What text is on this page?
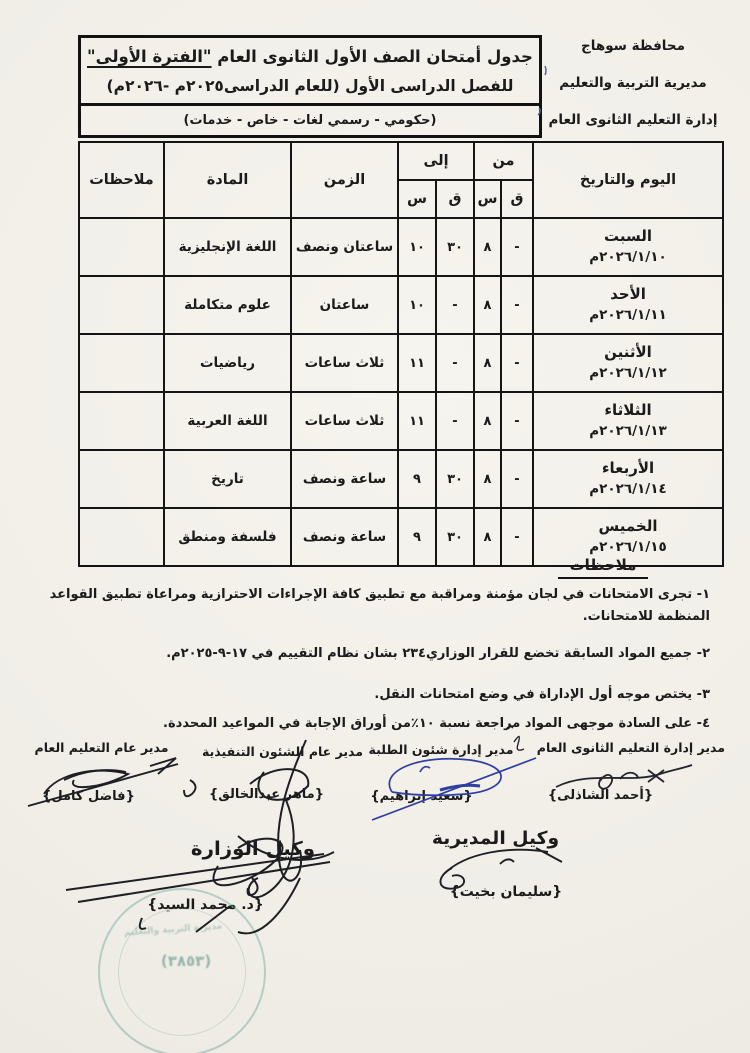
محافظة سوهاج
مديرية التربية والتعليم
إدارة التعليم الثانوى العام
جدول أمتحان الصف الأول الثانوى العام "الفترة الأولى"
للفصل الدراسى الأول (للعام الدراسى٢٠٢٥م -٢٠٢٦م)
(حكومي - رسمي لغات - خاص - خدمات)
اليوم والتاريخ	من		إلى		الزمن	المادة	ملاحظات
	ق	س	ق	س			

السبت
٢٠٢٦/١/١٠م	-	٨	٣٠	١٠	ساعتان ونصف	اللغة الإنجليزية	

الأحد
٢٠٢٦/١/١١م	-	٨	-	١٠	ساعتان	علوم متكاملة	

الأثنين
٢٠٢٦/١/١٢م	-	٨	-	١١	ثلاث ساعات	رياضيات	

الثلاثاء
٢٠٢٦/١/١٣م	-	٨	-	١١	ثلاث ساعات	اللغة العربية	

الأربعاء
٢٠٢٦/١/١٤م	-	٨	٣٠	٩	ساعة ونصف	تاريخ	

الخميس
٢٠٢٦/١/١٥م	-	٨	٣٠	٩	ساعة ونصف	فلسفة ومنطق	
ملاحظات

١- تجرى الامتحانات في لجان مؤمنة ومراقبة مع تطبيق كافة الإجراءات الاحترازية ومراعاة تطبيق القواعد المنظمة للامتحانات.

٢- جميع المواد السابقة تخضع للقرار الوزاري٢٣٤ بشان نظام التقييم في ١٧-٩-٢٠٢٥م.

٣- يختص موجه أول الإداراة في وضع امتحانات النقل.

٤- على السادة موجهى المواد مراجعة نسبة ١٠٪من أوراق الإجابة في المواعيد المحددة.

مدير إدارة التعليم الثانوى العام
مدير إدارة شئون الطلبة
مدير عام الشئون التنفيذية
مدير عام التعليم العام
{أحمد الشاذلى}
{سعيد إبراهيم}
{ماهر عبدالخالق}
{فاضل كامل}
وكيل المديرية
{سليمان بخيت}
وكيل الوزارة
{د. محمد السيد}
مديرية التربية والتعليم
(٣٨٥٣)
